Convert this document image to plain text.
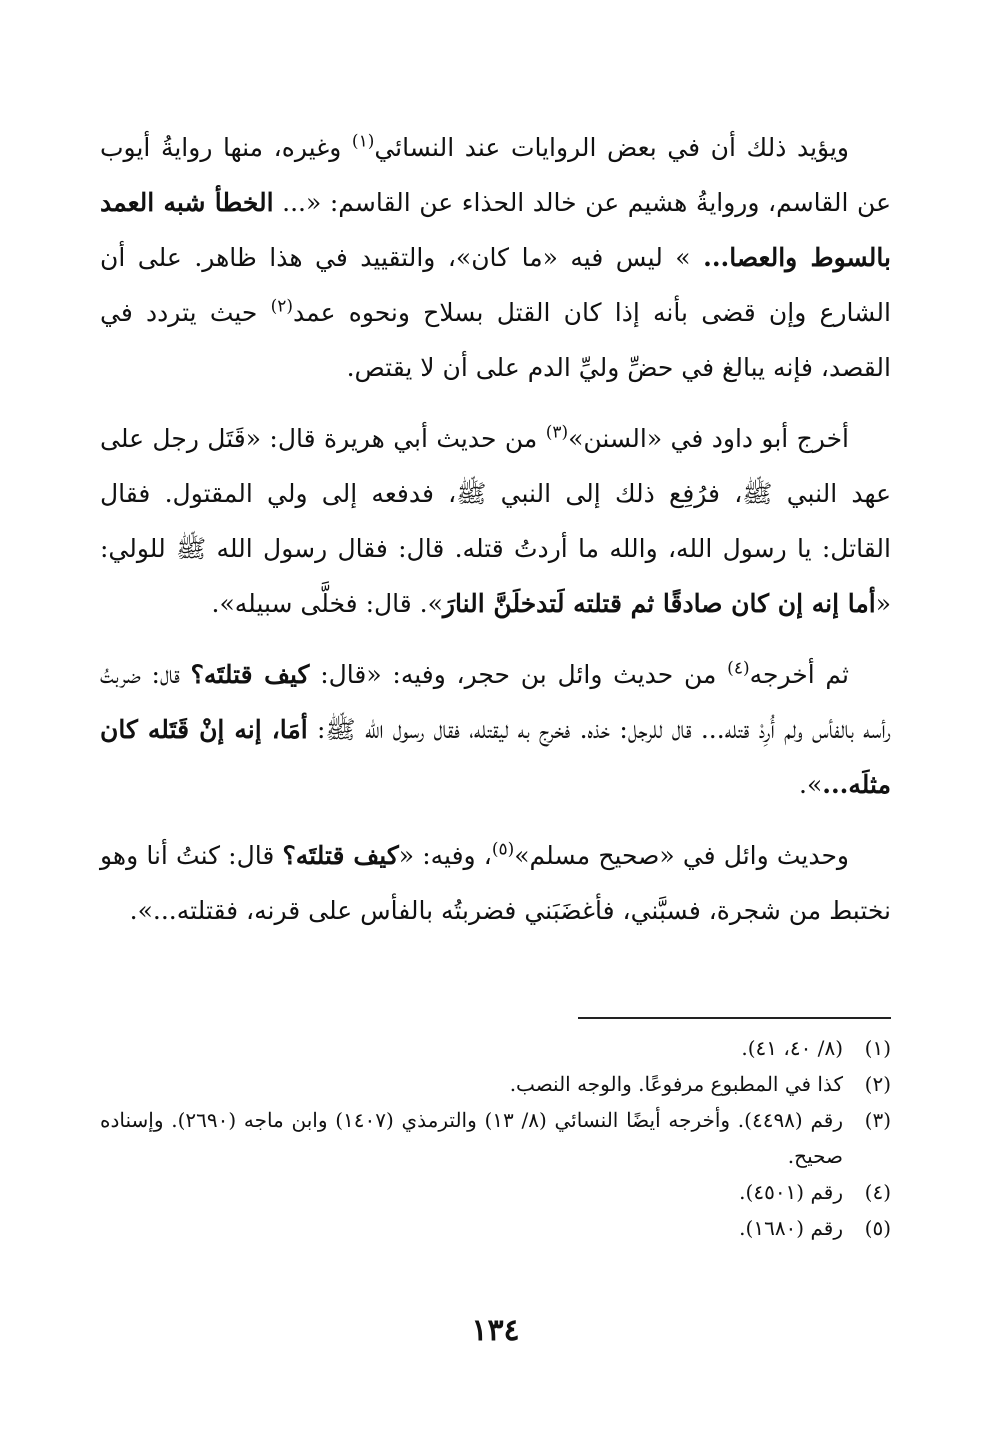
ويؤيد ذلك أن في بعض الروايات عند النسائي$^{(١)}$ وغيره، منها روايةُ أيوب عن القاسم، وروايةُ هشيم عن خالد الحذاء عن القاسم: «... الخطأ شبه العمد بالسوط والعصا... » ليس فيه «ما كان»، والتقييد في هذا ظاهر. على أن الشارع وإن قضى بأنه إذا كان القتل بسلاح ونحوه عمد$^{(٢)}$ حيث يتردد في القصد، فإنه يبالغ في حضِّ وليِّ الدم على أن لا يقتص.

أخرج أبو داود في «السنن»$^{(٣)}$ من حديث أبي هريرة قال: «قَتَل رجل على عهد النبي ﷺ، فرُفِع ذلك إلى النبي ﷺ، فدفعه إلى ولي المقتول. فقال القاتل: يا رسول الله، والله ما أردتُ قتله. قال: فقال رسول الله ﷺ للولي: «أما إنه إن كان صادقًا ثم قتلته لَتدخلَنَّ النارَ». قال: فخلَّى سبيله».

ثم أخرجه$^{(٤)}$ من حديث وائل بن حجر، وفيه: «قال: كيف قتلتَه؟ قال: ضربتُ رأسه بالفأس ولم أُرِدْ قتله... قال للرجل: خذه. فخرج به ليقتله، فقال رسول الله ﷺ: أمَا، إنه إنْ قَتَله كان مثلَه...».

وحديث وائل في «صحيح مسلم»$^{(٥)}$، وفيه: «كيف قتلتَه؟ قال: كنتُ أنا وهو نختبط من شجرة، فسبَّني، فأغضَبَني فضربتُه بالفأس على قرنه، فقتلته...».

(١)
(٨/ ٤٠، ٤١).
(٢)
كذا في المطبوع مرفوعًا. والوجه النصب.
(٣)
رقم (٤٤٩٨). وأخرجه أيضًا النسائي (٨/ ١٣) والترمذي (١٤٠٧) وابن ماجه (٢٦٩٠). وإسناده صحيح.
(٤)
رقم (٤٥٠١).
(٥)
رقم (١٦٨٠).
١٣٤
